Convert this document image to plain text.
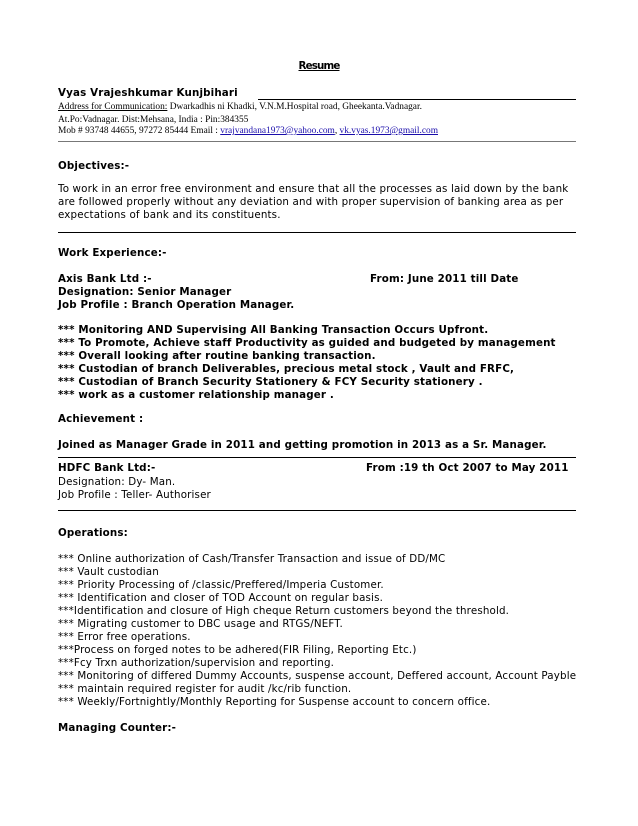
Resume
Vyas Vrajeshkumar Kunjbihari
Address for Communication: Dwarkadhis ni Khadki, V.N.M.Hospital road, Gheekanta.Vadnagar.
At.Po:Vadnagar. Dist:Mehsana, India : Pin:384355
Mob # 93748 44655, 97272 85444 Email : vrajvandana1973@yahoo.com, vk.vyas.1973@gmail.com
Objectives:-
To work in an error free environment and ensure that all the processes as laid down by the bank
are followed properly without any deviation and with proper supervision of banking area as per
expectations of bank and its constituents.
Work Experience:-
Axis Bank Ltd :-	From: June 2011 till Date
Designation: Senior Manager
Job Profile : Branch Operation Manager.
*** Monitoring AND Supervising All Banking Transaction Occurs Upfront.
*** To Promote, Achieve staff Productivity as guided and budgeted by management
*** Overall looking after routine banking transaction.
*** Custodian of branch Deliverables, precious metal stock , Vault and FRFC,
*** Custodian of Branch Security Stationery & FCY Security stationery .
*** work as a customer relationship manager .
Achievement :
Joined as Manager Grade in 2011 and getting promotion in 2013 as a Sr. Manager.
HDFC Bank Ltd:-	From :19 th Oct 2007 to May 2011
Designation: Dy- Man.
Job Profile : Teller- Authoriser
Operations:
*** Online authorization of Cash/Transfer Transaction and issue of DD/MC
*** Vault custodian
*** Priority Processing of /classic/Preffered/Imperia Customer.
*** Identification and closer of TOD Account on regular basis.
***Identification and closure of High cheque Return customers beyond the threshold.
*** Migrating customer to DBC usage and RTGS/NEFT.
*** Error free operations.
***Process on forged notes to be adhered(FIR Filing, Reporting Etc.)
***Fcy Trxn authorization/supervision and reporting.
*** Monitoring of differed Dummy Accounts, suspense account, Deffered account, Account Payble
*** maintain required register for audit /kc/rib function.
*** Weekly/Fortnightly/Monthly Reporting for Suspense account to concern office.
Managing Counter:-
